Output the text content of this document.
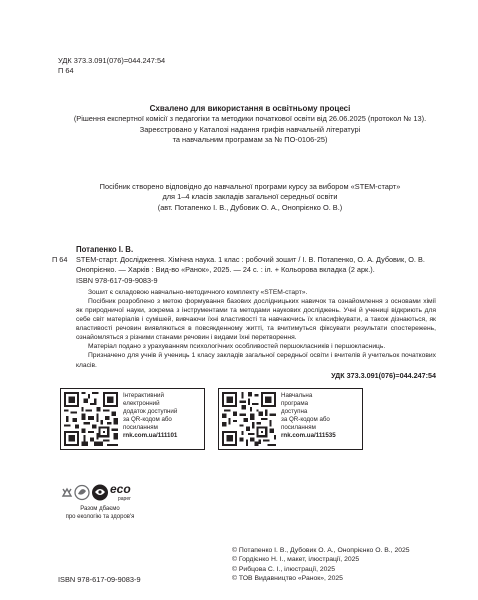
УДК 373.3.091(076)=044.247:54
П 64
Схвалено для використання в освітньому процесі
(Рішення експертної комісії з педагогіки та методики початкової освіти від 26.06.2025 (протокол № 13).
Зареєстровано у Каталозі надання грифів навчальній літературі
та навчальним програмам за № ПО-0106-25)
Посібник створено відповідно до навчальної програми курсу за вибором «STEM-старт»
для 1–4 класів закладів загальної середньої освіти
(авт. Потапенко І. В., Дубовик О. А., Онопрієнко О. В.)
П 64
Потапенко І. В.
STEM-старт. Дослідження. Хімічна наука. 1 клас : робочий зошит / І. В. Потапенко, О. А. Дубовик, О. В. Онопрієнко. — Харків : Вид-во «Ранок», 2025. — 24 с. : іл. + Кольорова вкладка (2 арк.).
ISBN 978-617-09-9083-9

Зошит є складовою навчально-методичного комплекту «STEM-старт».

Посібник розроблено з метою формування базових дослідницьких навичок та ознайомлення з основами хімії як природничої науки, зокрема з інструментами та методами наукових досліджень. Учні й учениці відкриють для себе світ матеріалів і сумішей, вивчаючи їхні властивості та навчаючись їх класифікувати, а також дізнаються, як властивості речовин виявляються в повсякденному житті, та вчитимуться фіксувати результати спостережень, ознайомляться з різними станами речовин і видами їхні перетворення.

Матеріал подано з урахуванням психологічних особливостей першокласників і першокласниць.

Призначено для учнів й учениць 1 класу закладів загальної середньої освіти і вчителів й учительок початкових класів.

УДК 373.3.091(076)=044.247:54
Інтерактивний
електронний
додаток доступний
за QR-кодом або
посиланням
rnk.com.ua/111101
Навчальна
програма
доступна
за QR-кодом або
посиланням
rnk.com.ua/111535
eco
paper
Разом дбаємо
про екологію та здоров'я
ISBN 978-617-09-9083-9
© Потапенко І. В., Дубовик О. А., Онопрієнко О. В., 2025
© Гордієнко Н. І., макет, ілюстрації, 2025
© Рибцова С. І., ілюстрації, 2025
© ТОВ Видавництво «Ранок», 2025
